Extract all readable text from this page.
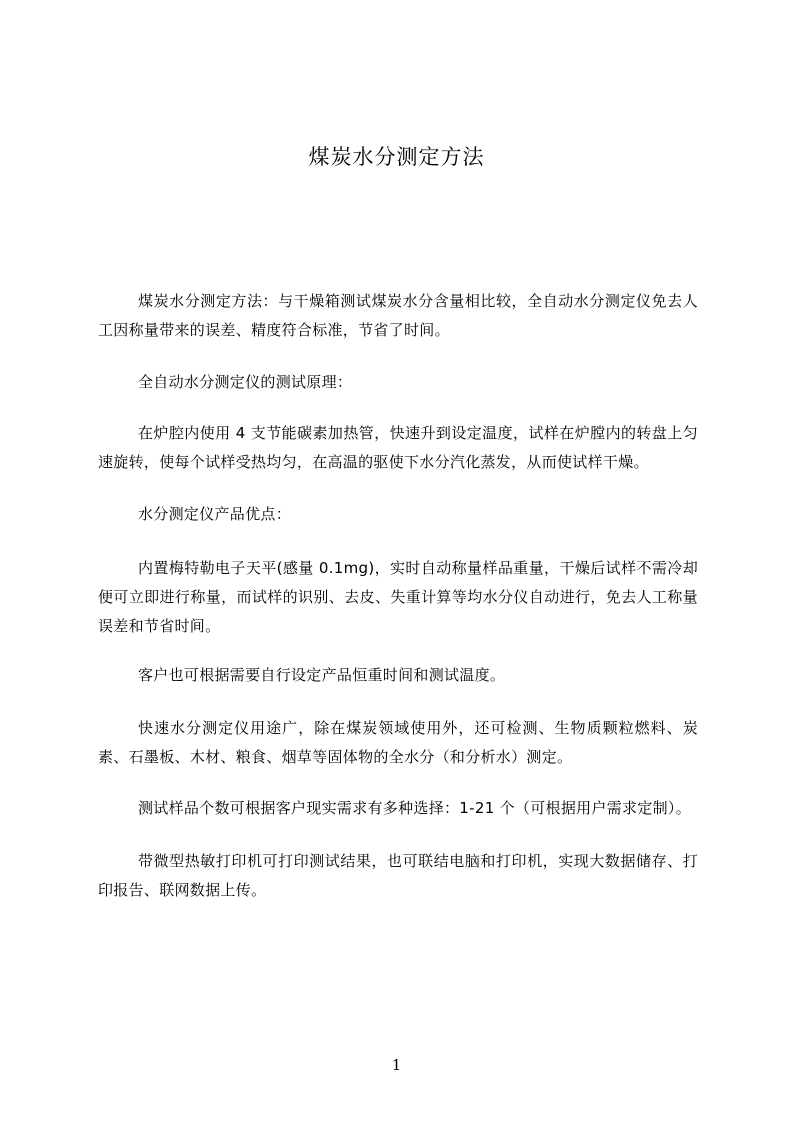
煤炭水分测定方法

煤炭水分测定方法：与干燥箱测试煤炭水分含量相比较，全自动水分测定仪免去人工因称量带来的误差、精度符合标准，节省了时间。

全自动水分测定仪的测试原理：

在炉腔内使用 4 支节能碳素加热管，快速升到设定温度，试样在炉膛内的转盘上匀速旋转，使每个试样受热均匀，在高温的驱使下水分汽化蒸发，从而使试样干燥。

水分测定仪产品优点：

内置梅特勒电子天平(感量 0.1mg)，实时自动称量样品重量，干燥后试样不需冷却便可立即进行称量，而试样的识别、去皮、失重计算等均水分仪自动进行，免去人工称量误差和节省时间。

客户也可根据需要自行设定产品恒重时间和测试温度。

快速水分测定仪用途广，除在煤炭领域使用外，还可检测、生物质颗粒燃料、炭素、石墨板、木材、粮食、烟草等固体物的全水分（和分析水）测定。

测试样品个数可根据客户现实需求有多种选择：1-21 个（可根据用户需求定制）。

带微型热敏打印机可打印测试结果，也可联结电脑和打印机，实现大数据储存、打印报告、联网数据上传。

1
